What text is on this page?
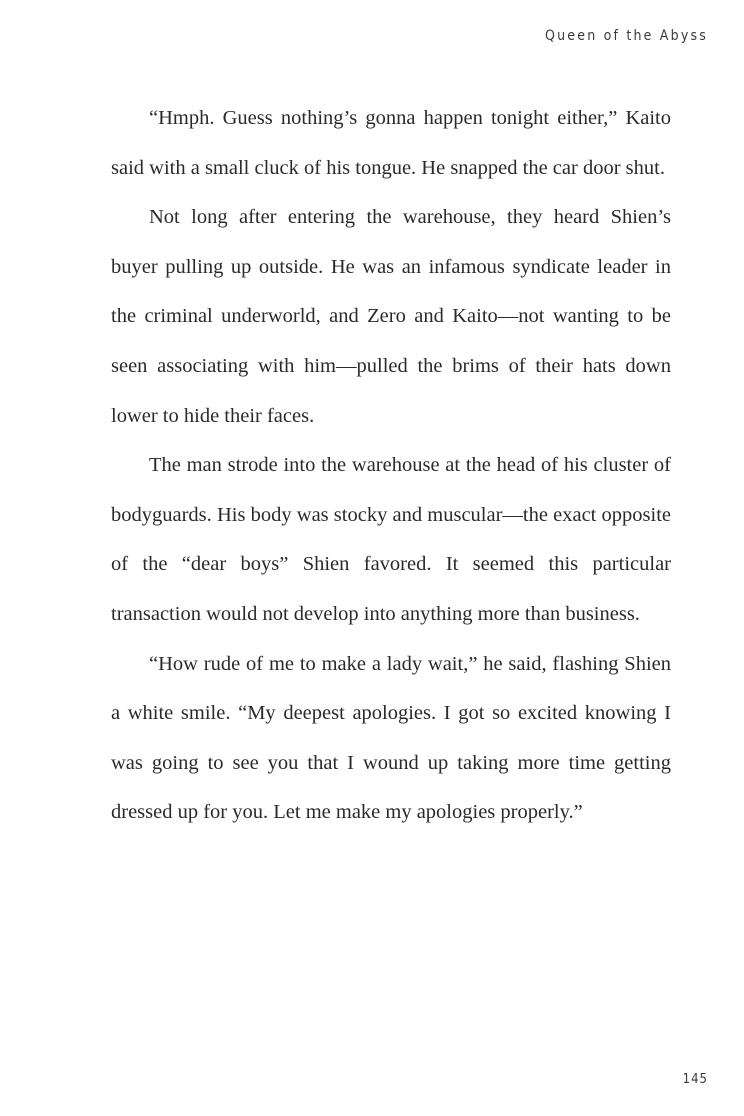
Queen of the Abyss

“Hmph. Guess nothing’s gonna happen tonight either,” Kaito said with a small cluck of his tongue. He snapped the car door shut.

Not long after entering the warehouse, they heard Shien’s buyer pulling up outside. He was an infamous syndicate leader in the criminal underworld, and Zero and Kaito—not wanting to be seen associating with him—pulled the brims of their hats down lower to hide their faces.

The man strode into the warehouse at the head of his cluster of bodyguards. His body was stocky and muscular—the exact opposite of the “dear boys” Shien favored. It seemed this particular transaction would not develop into anything more than business.

“How rude of me to make a lady wait,” he said, flashing Shien a white smile. “My deepest apologies. I got so excited knowing I was going to see you that I wound up taking more time getting dressed up for you. Let me make my apologies properly.”

145
